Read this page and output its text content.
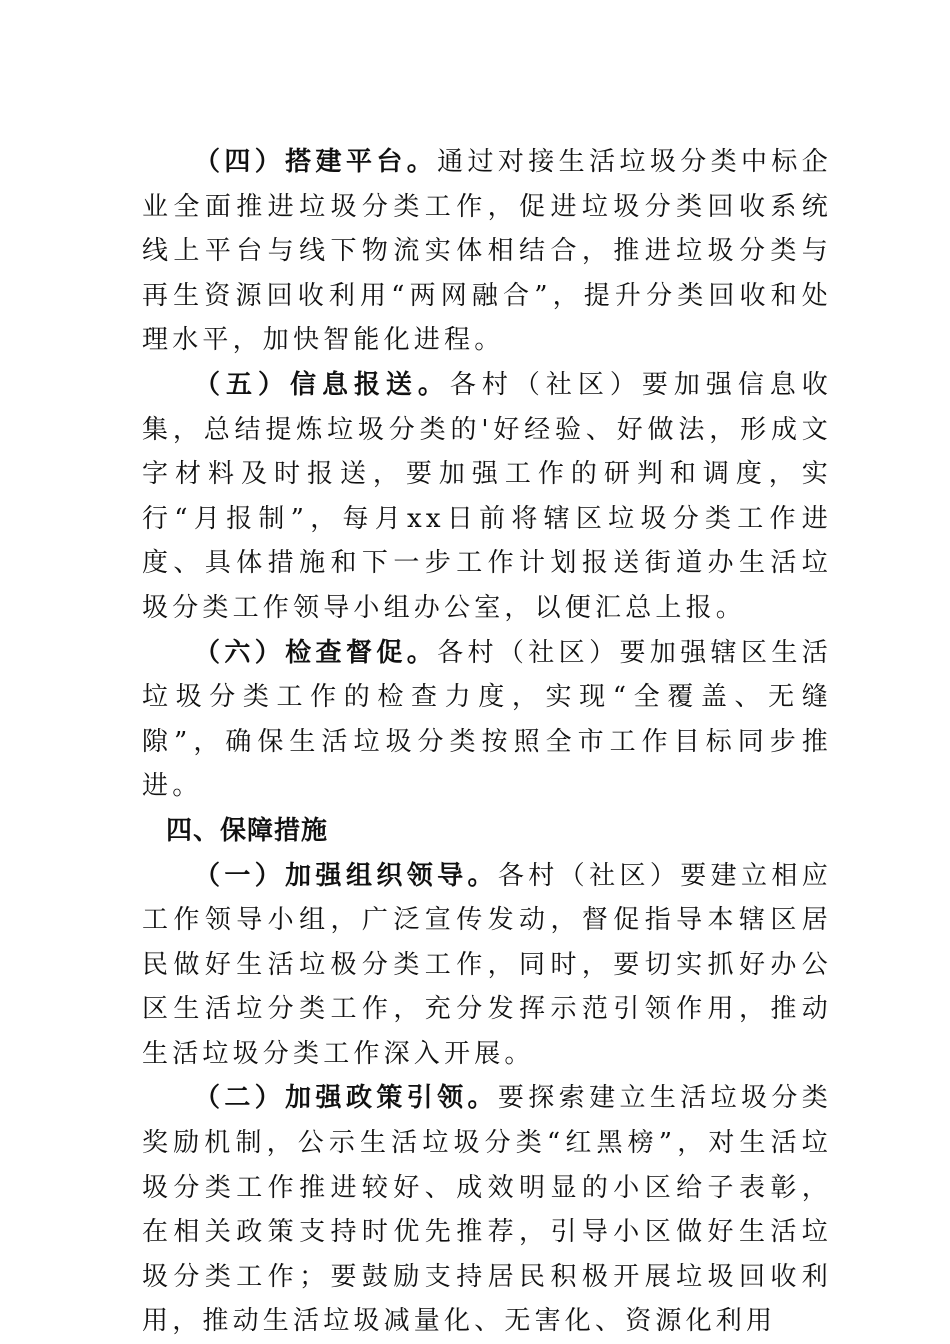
（四）搭建平台。通过对接生活垃圾分类中标企业全面推进垃圾分类工作，促进垃圾分类回收系统线上平台与线下物流实体相结合，推进垃圾分类与再生资源回收利用“两网融合”，提升分类回收和处理水平，加快智能化进程。

（五）信息报送。各村（社区）要加强信息收集，总结提炼垃圾分类的'好经验、好做法，形成文字材料及时报送，要加强工作的研判和调度，实行“月报制”，每月xx日前将辖区垃圾分类工作进度、具体措施和下一步工作计划报送街道办生活垃圾分类工作领导小组办公室，以便汇总上报。

（六）检查督促。各村（社区）要加强辖区生活垃圾分类工作的检查力度，实现“全覆盖、无缝隙”，确保生活垃圾分类按照全市工作目标同步推进。

四、保障措施

（一）加强组织领导。各村（社区）要建立相应工作领导小组，广泛宣传发动，督促指导本辖区居民做好生活垃极分类工作，同时，要切实抓好办公区生活垃分类工作，充分发挥示范引领作用，推动生活垃圾分类工作深入开展。

（二）加强政策引领。要探索建立生活垃圾分类奖励机制，公示生活垃圾分类“红黑榜”，对生活垃圾分类工作推进较好、成效明显的小区给子表彰，在相关政策支持时优先推荐，引导小区做好生活垃圾分类工作；要鼓励支持居民积极开展垃圾回收利用，推动生活垃圾减量化、无害化、资源化利用
